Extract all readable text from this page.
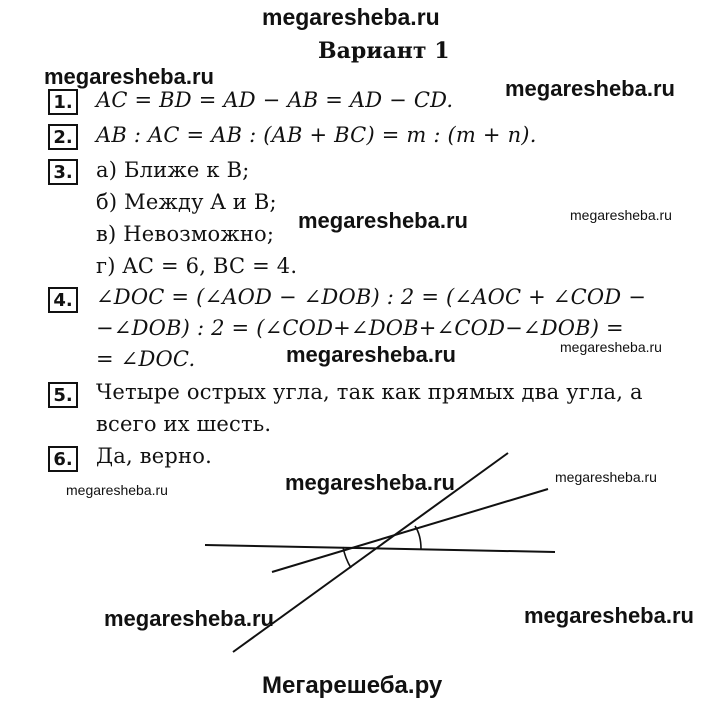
megaresheba.ru
megaresheba.ru	megaresheba.ru
megaresheba.ru	megaresheba.ru
megaresheba.ru	megaresheba.ru
megaresheba.ru	megaresheba.ru
megaresheba.ru
megaresheba.ru	megaresheba.ru
Вариант 1
1. AC = BD = AD − AB = AD − CD.
2. AB : AC = AB : (AB + BC) = m : (m + n).
3. а) Ближе к B;
б) Между A и B;
в) Невозможно;
г) AC = 6, BC = 4.
4. ∠DOC = (∠AOD − ∠DOB) : 2 = (∠AOC + ∠COD −
−∠DOB) : 2 = (∠COD+∠DOB+∠COD−∠DOB) =
= ∠DOC.
5. Четыре острых угла, так как прямых два угла, а
всего их шесть.
6. Да, верно.
Мегарешеба.ру
